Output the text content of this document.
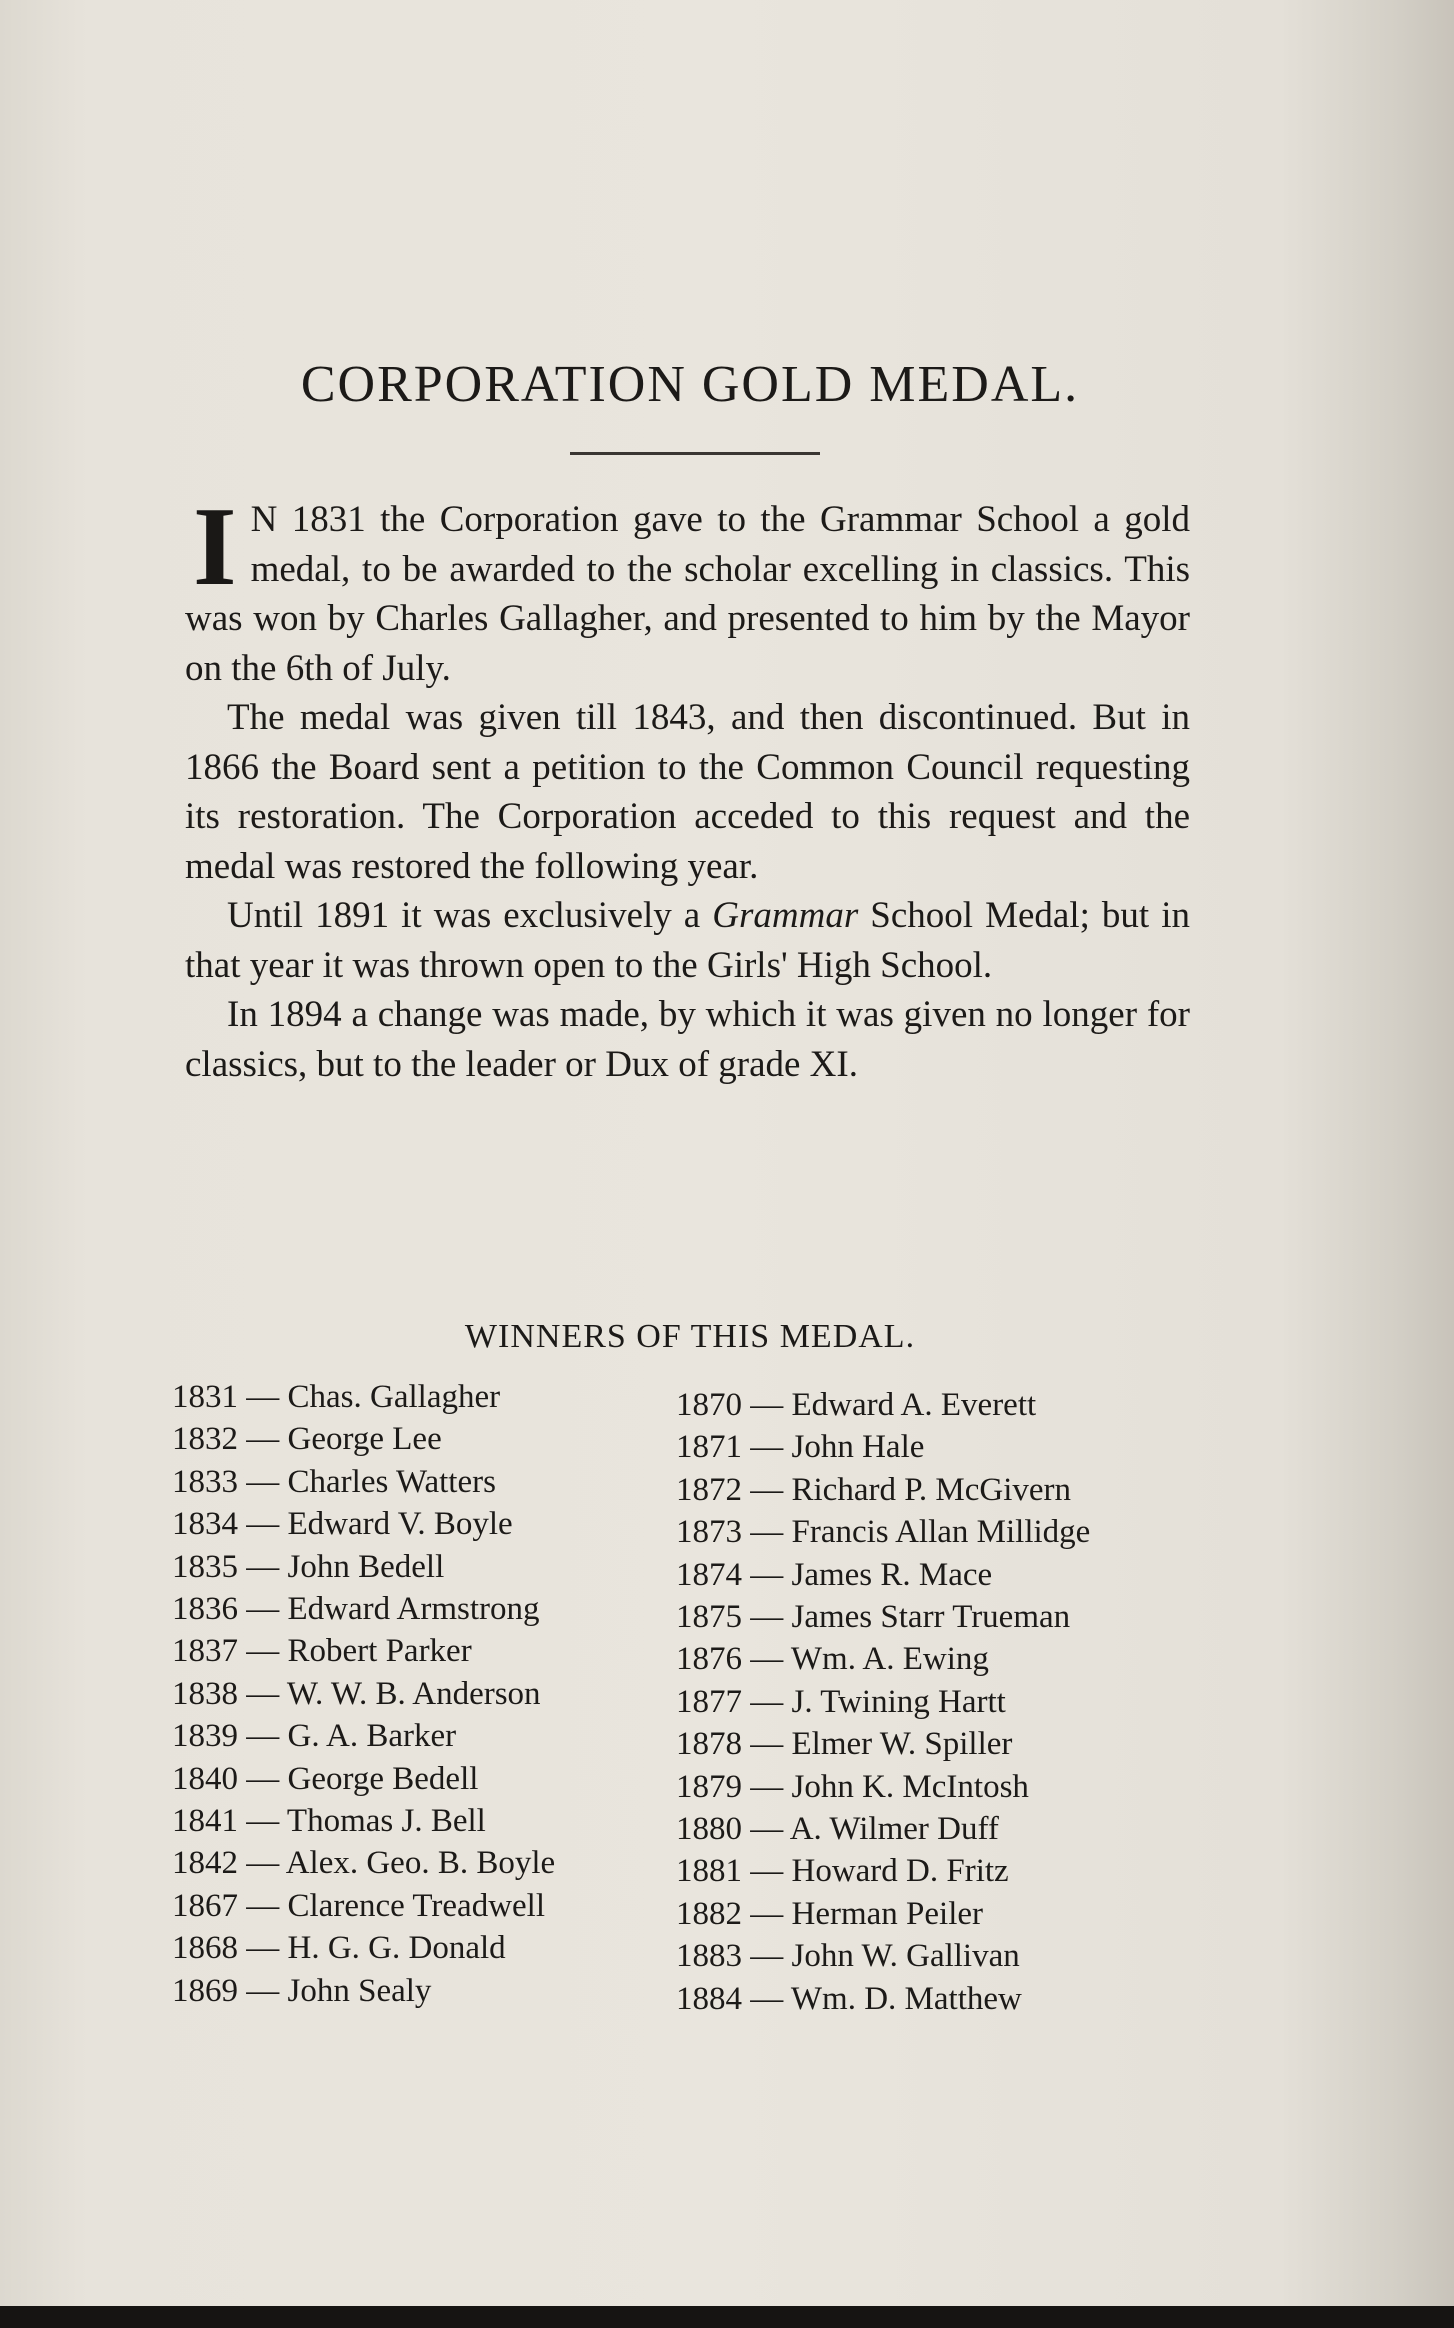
CORPORATION GOLD MEDAL.

I N 1831 the Corporation gave to the Grammar School a gold medal, to be awarded to the scholar excelling in classics. This was won by Charles Gallagher, and presented to him by the Mayor on the 6th of July.

The medal was given till 1843, and then discontinued. But in 1866 the Board sent a petition to the Common Council requesting its restoration. The Corporation acceded to this request and the medal was restored the following year.

Until 1891 it was exclusively a Grammar School Medal; but in that year it was thrown open to the Girls' High School.

In 1894 a change was made, by which it was given no longer for classics, but to the leader or Dux of grade XI.

WINNERS OF THIS MEDAL.
1831 — Chas. Gallagher
1832 — George Lee
1833 — Charles Watters
1834 — Edward V. Boyle
1835 — John Bedell
1836 — Edward Armstrong
1837 — Robert Parker
1838 — W. W. B. Anderson
1839 — G. A. Barker
1840 — George Bedell
1841 — Thomas J. Bell
1842 — Alex. Geo. B. Boyle
1867 — Clarence Treadwell
1868 — H. G. G. Donald
1869 — John Sealy
1870 — Edward A. Everett
1871 — John Hale
1872 — Richard P. McGivern
1873 — Francis Allan Millidge
1874 — James R. Mace
1875 — James Starr Trueman
1876 — Wm. A. Ewing
1877 — J. Twining Hartt
1878 — Elmer W. Spiller
1879 — John K. McIntosh
1880 — A. Wilmer Duff
1881 — Howard D. Fritz
1882 — Herman Peiler
1883 — John W. Gallivan
1884 — Wm. D. Matthew
